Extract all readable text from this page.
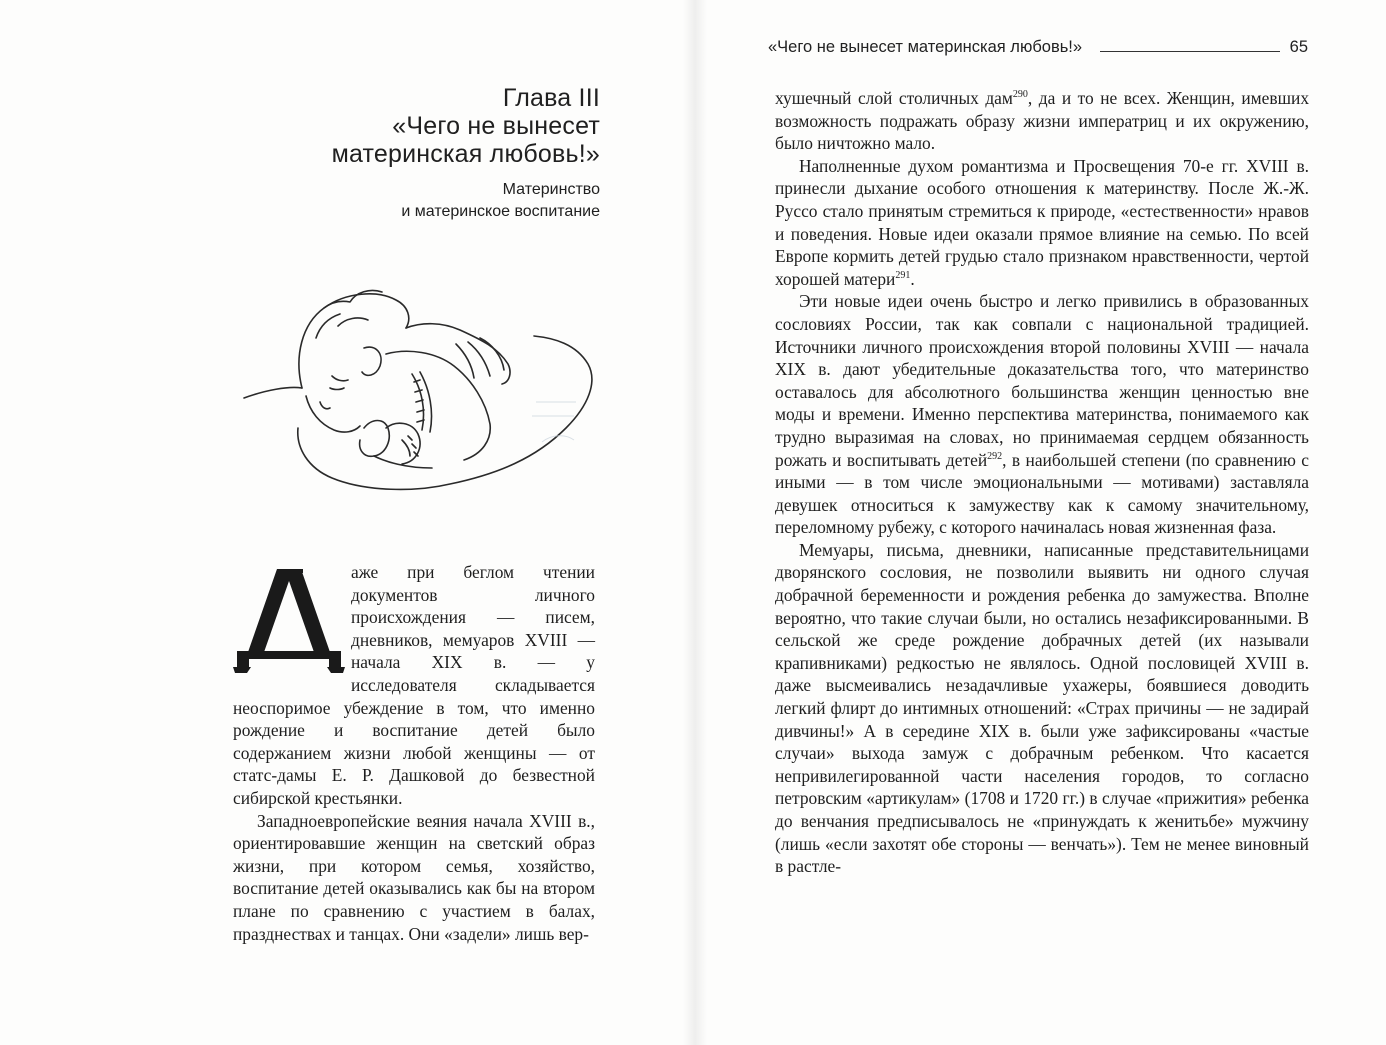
Глава III
«Чего не вынесет
материнская любовь!»
Материнство
и материнское воспитание

аже при беглом чтении документов личного происхождения — писем, дневников, мемуаров XVIII — начала XIX в. — у исследователя складывается неоспоримое убеждение в том, что именно рождение и воспитание детей было содержанием жизни любой женщины — от статс-дамы Е. Р. Дашковой до безвестной сибирской крестьянки.

Западноевропейские веяния начала XVIII в., ориентировавшие женщин на светский образ жизни, при котором семья, хозяйство, воспитание детей оказывались как бы на втором плане по сравнению с участием в балах, празднествах и танцах. Они «задели» лишь вер-

«Чего не вынесет материнская любовь!»	65

хушечный слой столичных дам$^{290}$, да и то не всех. Женщин, имевших возможность подражать образу жизни императриц и их окружению, было ничтожно мало.

Наполненные духом романтизма и Просвещения 70-е гг. XVIII в. принесли дыхание особого отношения к материнству. После Ж.-Ж. Руссо стало принятым стремиться к природе, «естественности» нравов и поведения. Новые идеи оказали прямое влияние на семью. По всей Европе кормить детей грудью стало признаком нравственности, чертой хорошей матери$^{291}$.

Эти новые идеи очень быстро и легко привились в образованных сословиях России, так как совпали с национальной традицией. Источники личного происхождения второй половины XVIII — начала XIX в. дают убедительные доказательства того, что материнство оставалось для абсолютного большинства женщин ценностью вне моды и времени. Именно перспектива материнства, понимаемого как трудно выразимая на словах, но принимаемая сердцем обязанность рожать и воспитывать детей$^{292}$, в наибольшей степени (по сравнению с иными — в том числе эмоциональными — мотивами) заставляла девушек относиться к замужеству как к самому значительному, переломному рубежу, с которого начиналась новая жизненная фаза.

Мемуары, письма, дневники, написанные представительницами дворянского сословия, не позволили выявить ни одного случая добрачной беременности и рождения ребенка до замужества. Вполне вероятно, что такие случаи были, но остались незафиксированными. В сельской же среде рождение добрачных детей (их называли крапивниками) редкостью не являлось. Одной пословицей XVIII в. даже высмеивались незадачливые ухажеры, боявшиеся доводить легкий флирт до интимных отношений: «Страх причины — не задирай дивчины!» А в середине XIX в. были уже зафиксированы «частые случаи» выхода замуж с добрачным ребенком. Что касается непривилегированной части населения городов, то согласно петровским «артикулам» (1708 и 1720 гг.) в случае «прижития» ребенка до венчания предписывалось не «принуждать к женитьбе» мужчину (лишь «если захотят обе стороны — венчать»). Тем не менее виновный в растле-
